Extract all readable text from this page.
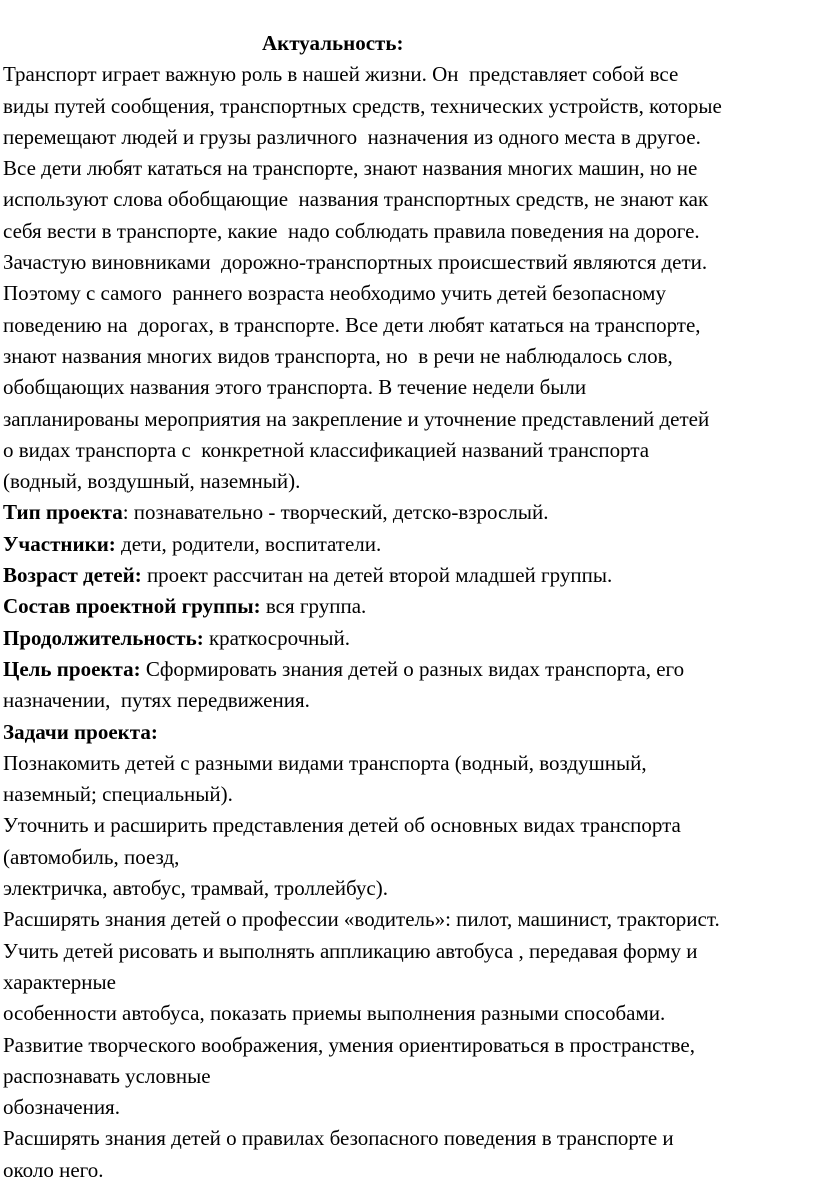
Актуальность:
Транспорт играет важную роль в нашей жизни. Он  представляет собой все
виды путей сообщения, транспортных средств, технических устройств, которые
перемещают людей и грузы различного  назначения из одного места в другое.
Все дети любят кататься на транспорте, знают названия многих машин, но не
используют слова обобщающие  названия транспортных средств, не знают как
себя вести в транспорте, какие  надо соблюдать правила поведения на дороге.
Зачастую виновниками  дорожно-транспортных происшествий являются дети.
Поэтому с самого  раннего возраста необходимо учить детей безопасному
поведению на  дорогах, в транспорте. Все дети любят кататься на транспорте,
знают названия многих видов транспорта, но  в речи не наблюдалось слов,
обобщающих названия этого транспорта. В течение недели были
запланированы мероприятия на закрепление и уточнение представлений детей
о видах транспорта с  конкретной классификацией названий транспорта
(водный, воздушный, наземный).
Тип проекта: познавательно - творческий, детско-взрослый.
Участники: дети, родители, воспитатели.
Возраст детей: проект рассчитан на детей второй младшей группы.
Состав проектной группы: вся группа.
Продолжительность: краткосрочный.
Цель проекта: Сформировать знания детей о разных видах транспорта, его
назначении,  путях передвижения.
Задачи проекта:
Познакомить детей с разными видами транспорта (водный, воздушный,
наземный; специальный).
Уточнить и расширить представления детей об основных видах транспорта
(автомобиль, поезд,
электричка, автобус, трамвай, троллейбус).
Расширять знания детей о профессии «водитель»: пилот, машинист, тракторист.
Учить детей рисовать и выполнять аппликацию автобуса , передавая форму и
характерные
особенности автобуса, показать приемы выполнения разными способами.
Развитие творческого воображения, умения ориентироваться в пространстве,
распознавать условные
обозначения.
Расширять знания детей о правилах безопасного поведения в транспорте и
около него.
